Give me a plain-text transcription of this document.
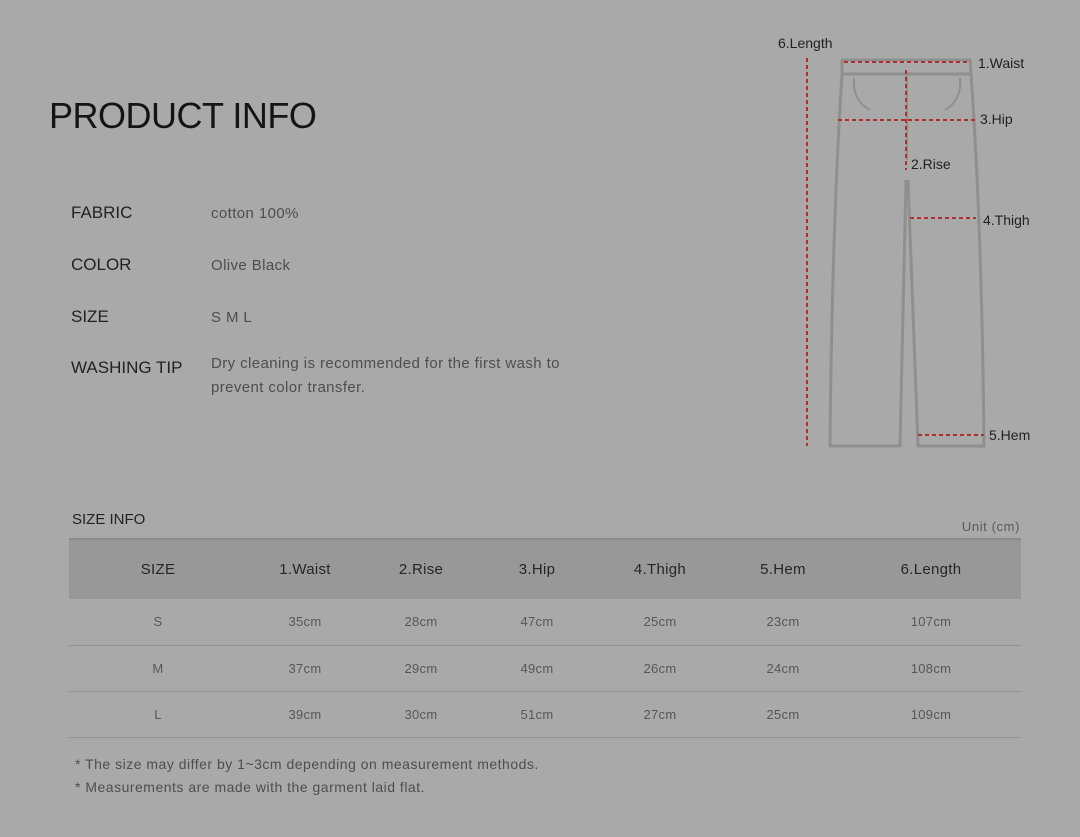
PRODUCT INFO
FABRIC	cotton 100%
COLOR	Olive Black
SIZE	S M L
WASHING TIP Dry cleaning is recommended for the first wash to
prevent color transfer.
6.Length
1.Waist
3.Hip
2.Rise
4.Thigh
5.Hem
SIZE INFO	Unit (cm)
SIZE	1.Waist	2.Rise	3.Hip	4.Thigh	5.Hem	6.Length
S	35cm	28cm	47cm	25cm	23cm	107cm
M	37cm	29cm	49cm	26cm	24cm	108cm
L	39cm	30cm	51cm	27cm	25cm	109cm
* The size may differ by 1~3cm depending on measurement methods.
* Measurements are made with the garment laid flat.
